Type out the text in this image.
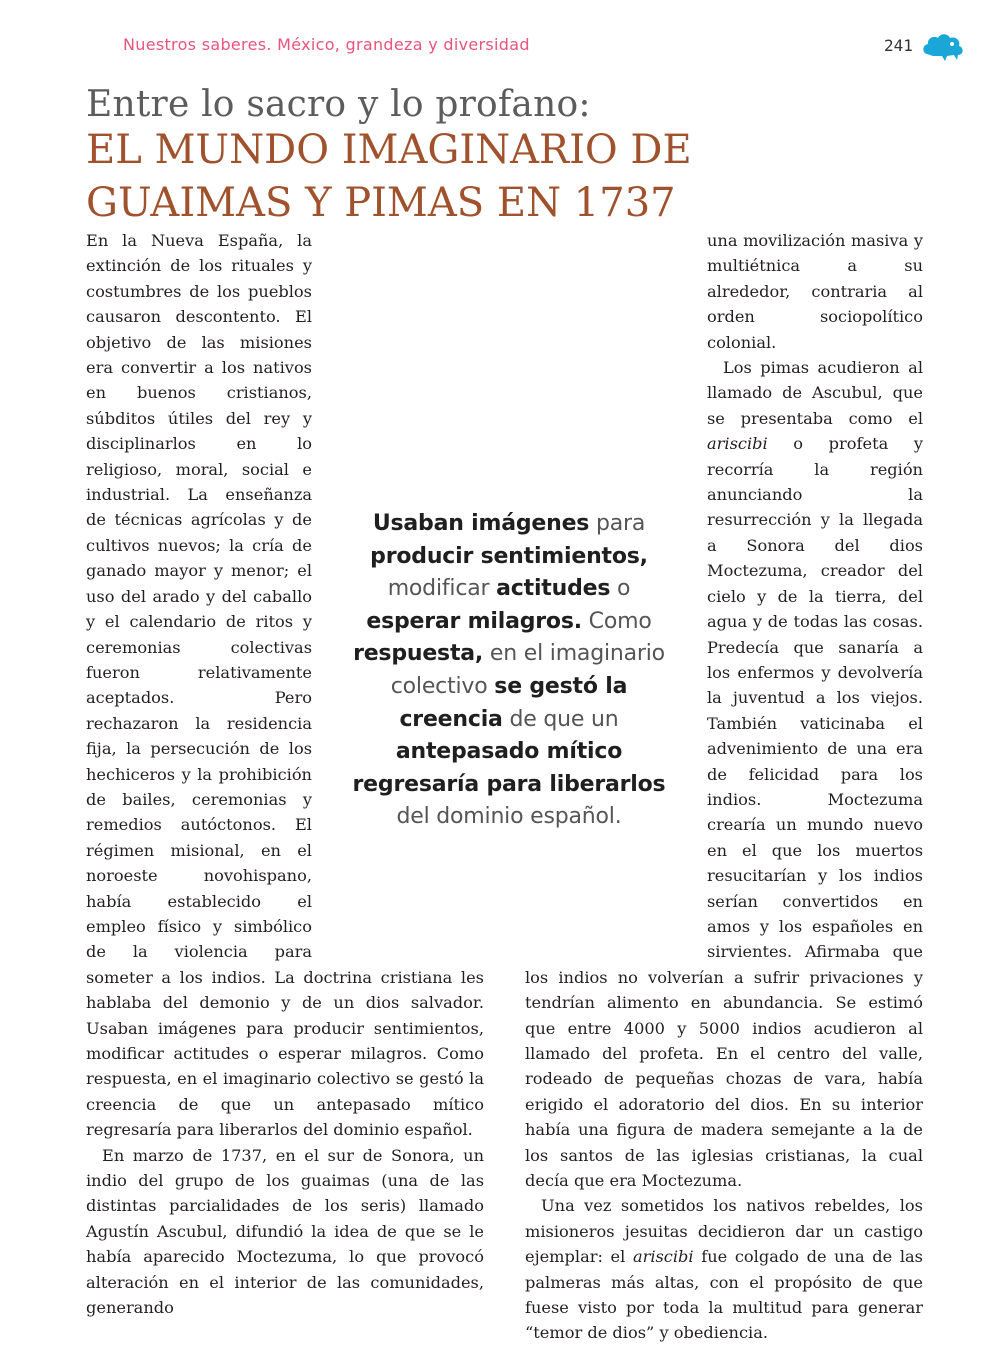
Nuestros saberes. México, grandeza y diversidad	241
Entre lo sacro y lo profano:
EL MUNDO IMAGINARIO DE
GUAIMAS Y PIMAS EN 1737

En la Nueva España, la extinción de los rituales y costumbres de los pueblos causaron descontento. El objetivo de las misiones era convertir a los nativos en buenos cristianos, súbditos útiles del rey y disciplinarlos en lo religioso, moral, social e industrial. La enseñanza de técnicas agrícolas y de cultivos nuevos; la cría de ganado mayor y menor; el uso del arado y del caballo y el calendario de ritos y ceremonias colectivas fueron relativamente aceptados. Pero rechazaron la residencia fija, la persecución de los hechiceros y la prohibición de bailes, ceremonias y remedios autóctonos. El régimen misional, en el noroeste novohispano, había establecido el empleo físico y simbólico de la violencia para someter a los indios. La doctrina cristiana les hablaba del demonio y de un dios salvador. Usaban imágenes para producir sentimientos, modificar actitudes o esperar milagros. Como respuesta, en el imaginario colectivo se gestó la creencia de que un antepasado mítico regresaría para liberarlos del dominio español.

En marzo de 1737, en el sur de Sonora, un indio del grupo de los guaimas (una de las distintas parcialidades de los seris) llamado Agustín Ascubul, difundió la idea de que se le había aparecido Moctezuma, lo que provocó alteración en el interior de las comunidades, generando

una movilización masiva y multiétnica a su alrededor, contraria al orden sociopolítico colonial.

Los pimas acudieron al llamado de Ascubul, que se presentaba como el ariscibi o profeta y recorría la región anunciando la resurrección y la llegada a Sonora del dios Moctezuma, creador del cielo y de la tierra, del agua y de todas las cosas. Predecía que sanaría a los enfermos y devolvería la juventud a los viejos. También vaticinaba el advenimiento de una era de felicidad para los indios. Moctezuma crearía un mundo nuevo en el que los muertos resucitarían y los indios serían convertidos en amos y los españoles en sirvientes. Afirmaba que los indios no volverían a sufrir privaciones y tendrían alimento en abundancia. Se estimó que entre 4000 y 5000 indios acudieron al llamado del profeta. En el centro del valle, rodeado de pequeñas chozas de vara, había erigido el adoratorio del dios. En su interior había una figura de madera semejante a la de los santos de las iglesias cristianas, la cual decía que era Moctezuma.

Una vez sometidos los nativos rebeldes, los misioneros jesuitas decidieron dar un castigo ejemplar: el ariscibi fue colgado de una de las palmeras más altas, con el propósito de que fuese visto por toda la multitud para generar “temor de dios” y obediencia.

Usaban imágenes para producir sentimientos, modificar actitudes o esperar milagros. Como respuesta, en el imaginario colectivo se gestó la creencia de que un antepasado mítico regresaría para liberarlos del dominio español.
